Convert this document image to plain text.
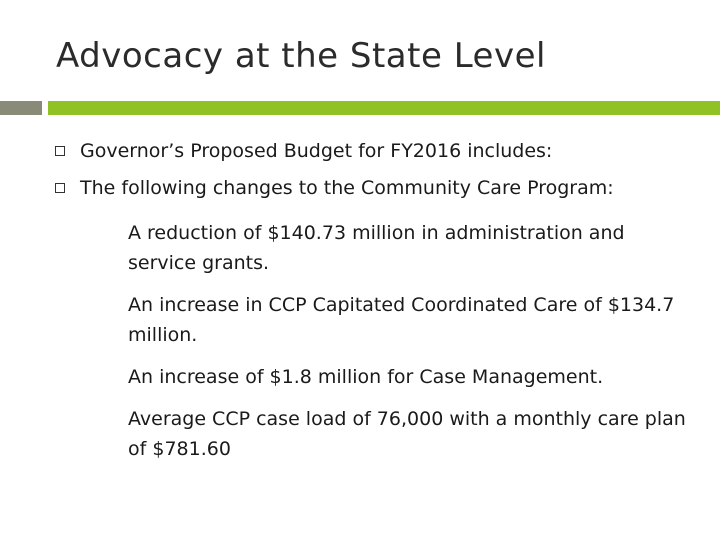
Advocacy at the State Level
Governor’s Proposed Budget for FY2016 includes:
The following changes to the Community Care Program:
A reduction of $140.73 million in administration and service grants.
An increase in CCP Capitated Coordinated Care of $134.7 million.
An increase of $1.8 million for Case Management.
Average CCP case load of 76,000 with a monthly care plan of $781.60
